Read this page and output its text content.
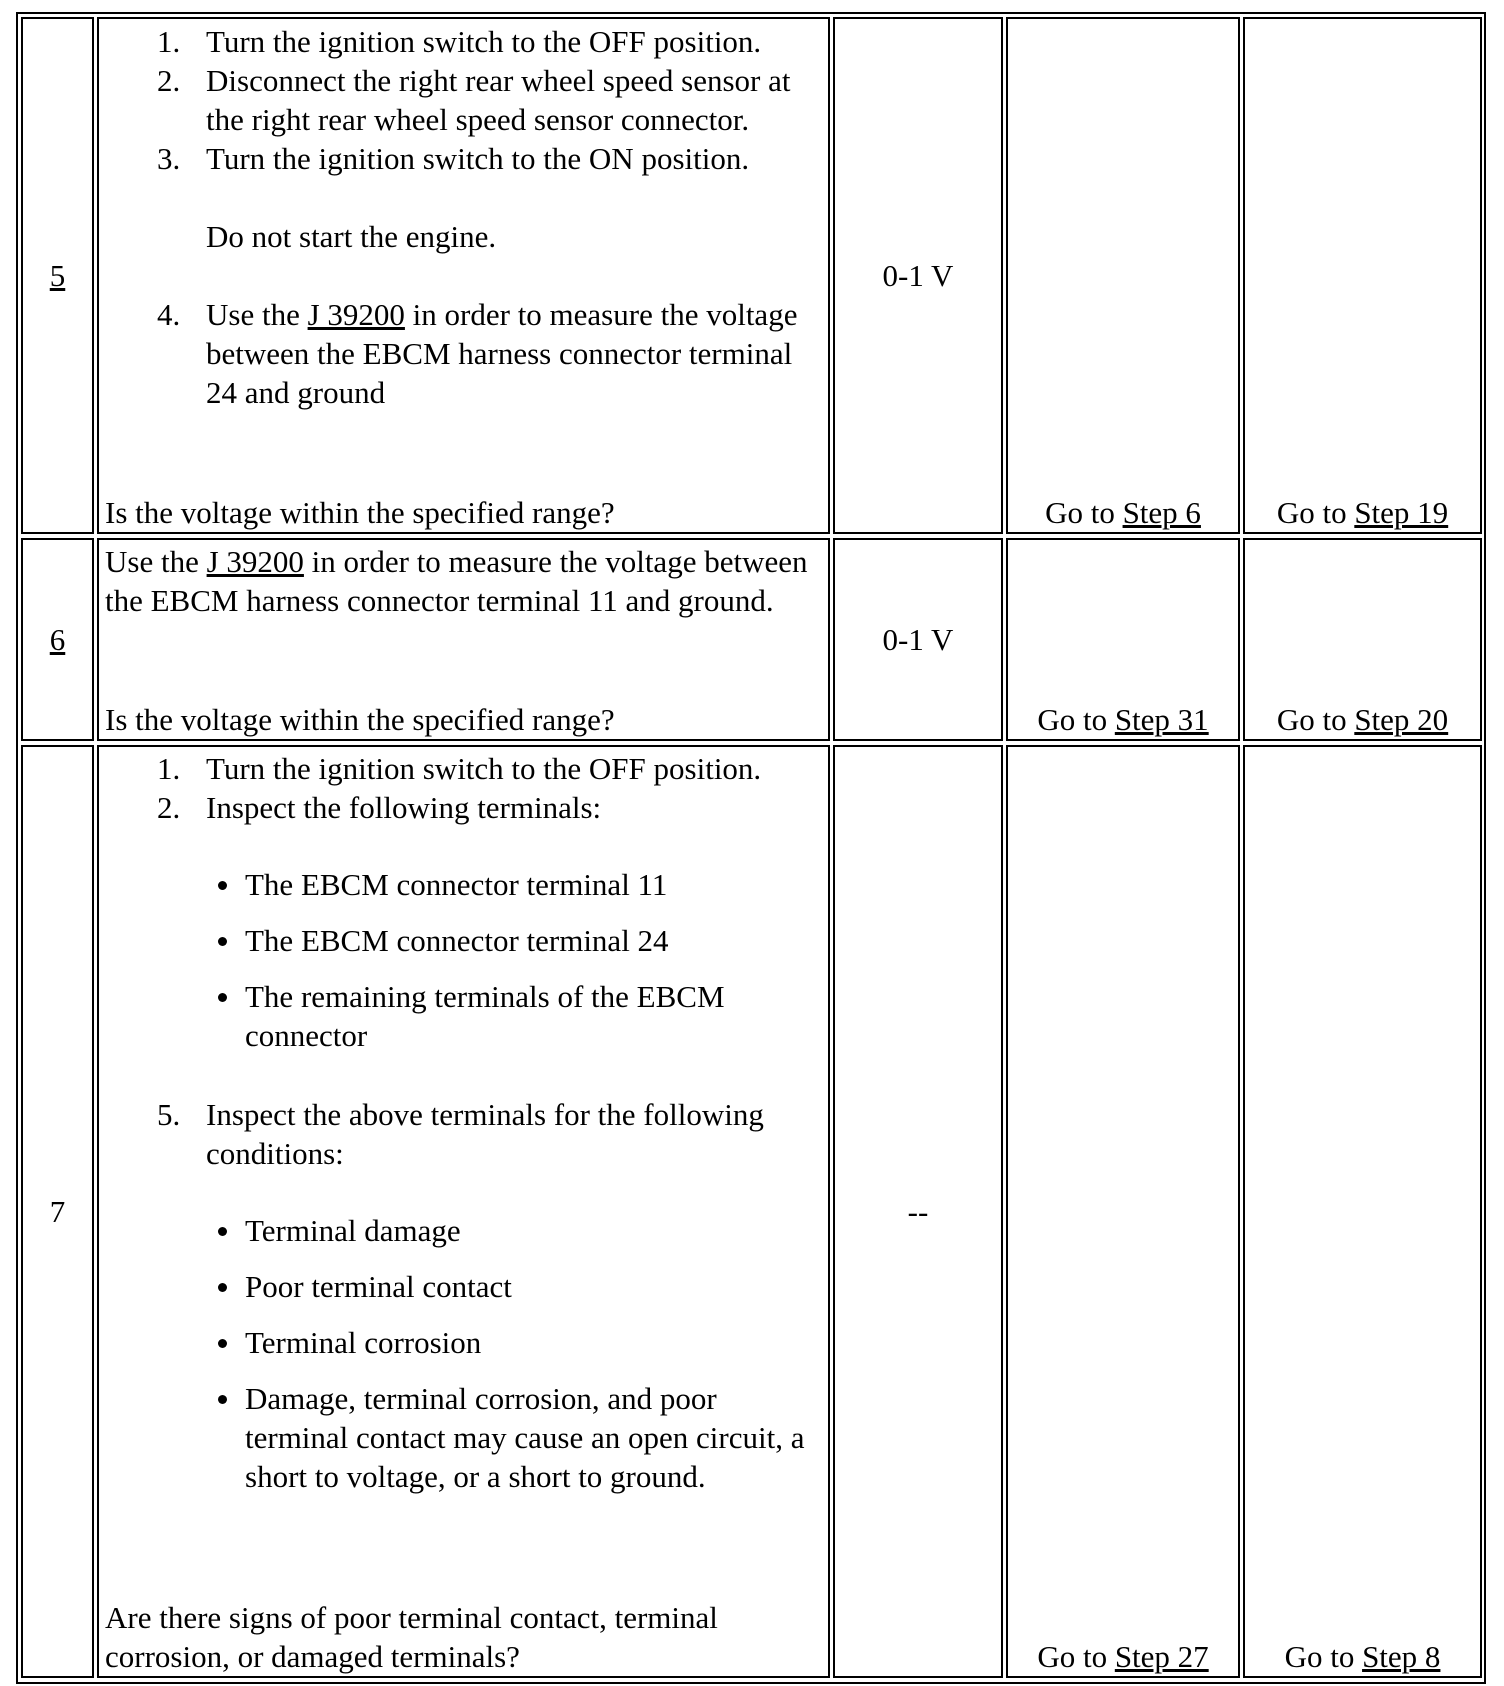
5
1. Turn the ignition switch to the OFF position.
2. Disconnect the right rear wheel speed sensor at the right rear wheel speed sensor connector.
3. Turn the ignition switch to the ON position.
Do not start the engine.
4. Use the J 39200 in order to measure the voltage between the EBCM harness connector terminal 24 and ground
Is the voltage within the specified range?
0-1 V
Go to
Step 6 Go to
Step 19
6
Use the J 39200 in order to measure the voltage between the EBCM harness connector terminal 11 and ground.
Is the voltage within the specified range?
0-1 V
Go to
Step 31 Go to
Step 20
7
1. Turn the ignition switch to the OFF position.
2. Inspect the following terminals:
The EBCM connector terminal 11
The EBCM connector terminal 24
The remaining terminals of the EBCM connector
5. Inspect the above terminals for the following conditions:
Terminal damage
Poor terminal contact
Terminal corrosion
Damage, terminal corrosion, and poor terminal contact may cause an open circuit, a short to voltage, or a short to ground.
Are there signs of poor terminal contact, terminal corrosion, or damaged terminals?
--
Go to
Step 27 Go to
Step 8
